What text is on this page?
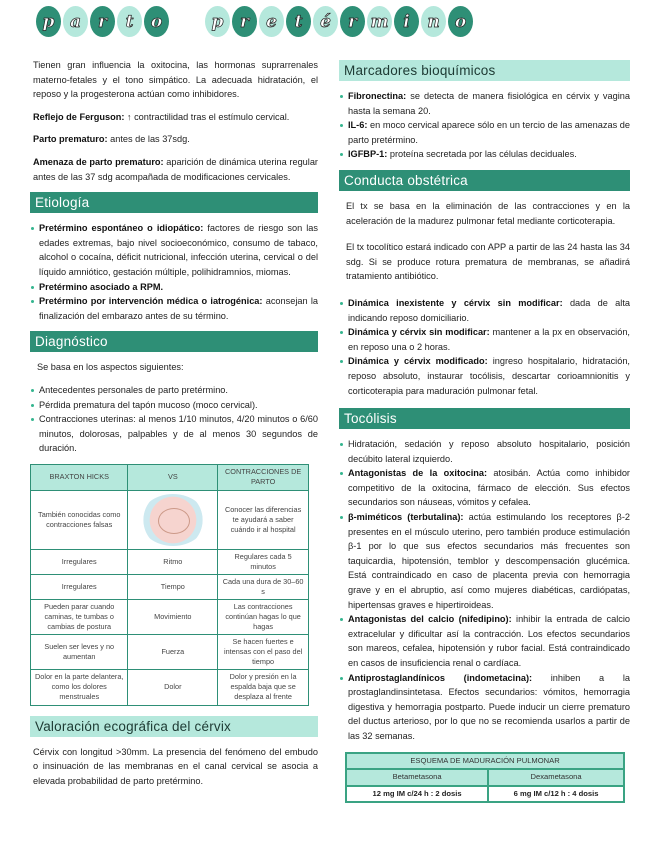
p a	r	t	o	p r	e	t	é	r m i	n o

Tienen gran influencia la oxitocina, las hormonas suprarrenales materno-fetales y el tono simpático. La adecuada hidratación, el reposo y la progesterona actúan como inhibidores.

Reflejo de Ferguson: ↑ contractilidad tras el estímulo cervical.

Parto prematuro: antes de las 37sdg.

Amenaza de parto prematuro: aparición de dinámica uterina regular antes de las 37 sdg acompañada de modificaciones cervicales.

Etiología
Pretérmino espontáneo o idiopático: factores de riesgo son las edades extremas, bajo nivel socioeconómico, consumo de tabaco, alcohol o cocaína, déficit nutricional, infección uterina, cervical o del líquido amniótico, gestación múltiple, polihidramnios, miomas.
Pretérmino asociado a RPM.
Pretérmino por intervención médica o iatrogénica: aconsejan la finalización del embarazo antes de su término.
Diagnóstico

Se basa en los aspectos siguientes:

Antecedentes personales de parto pretérmino.
Pérdida prematura del tapón mucoso (moco cervical).
Contracciones uterinas: al menos 1/10 minutos, 4/20 minutos o 6/60 minutos, dolorosas, palpables y de al menos 30 segundos de duración.
BRAXTON HICKS	VS	CONTRACCIONES DE PARTO
También conocidas como contracciones falsas		Conocer las diferencias te ayudará a saber cuándo ir al hospital
Irregulares	Ritmo	Regulares cada 5 minutos
Irregulares	Tiempo	Cada una dura de 30–60 s
Pueden parar cuando caminas, te tumbas o cambias de postura	Movimiento	Las contracciones continúan hagas lo que hagas
Suelen ser leves y no aumentan	Fuerza	Se hacen fuertes e intensas con el paso del tiempo
Dolor en la parte delantera, como los dolores menstruales	Dolor	Dolor y presión en la espalda baja que se desplaza al frente
Valoración ecográfica del cérvix

Cérvix con longitud >30mm. La presencia del fenómeno del embudo o insinuación de las membranas en el canal cervical se asocia a elevada probabilidad de parto pretérmino.

Marcadores bioquímicos
Fibronectina: se detecta de manera fisiológica en cérvix y vagina hasta la semana 20.
IL-6: en moco cervical aparece sólo en un tercio de las amenazas de parto pretérmino.
IGFBP-1: proteína secretada por las células deciduales.
Conducta obstétrica

El tx se basa en la eliminación de las contracciones y en la aceleración de la madurez pulmonar fetal mediante corticoterapia.

El tx tocolítico estará indicado con APP a partir de las 24 hasta las 34 sdg. Si se produce rotura prematura de membranas, se añadirá tratamiento antibiótico.

Dinámica inexistente y cérvix sin modificar: dada de alta indicando reposo domiciliario.
Dinámica y cérvix sin modificar: mantener a la px en observación, en reposo una o 2 horas.
Dinámica y cérvix modificado: ingreso hospitalario, hidratación, reposo absoluto, instaurar tocólisis, descartar corioamnionitis y corticoterapia para maduración pulmonar fetal.
Tocólisis
Hidratación, sedación y reposo absoluto hospitalario, posición decúbito lateral izquierdo.
Antagonistas de la oxitocina: atosibán. Actúa como inhibidor competitivo de la oxitocina, fármaco de elección. Sus efectos secundarios son náuseas, vómitos y cefalea.
β-miméticos (terbutalina): actúa estimulando los receptores β-2 presentes en el músculo uterino, pero también produce estimulación β-1 por lo que sus efectos secundarios más frecuentes son taquicardia, hipotensión, temblor y descompensación glucémica. Está contraindicado en caso de placenta previa con hemorragia grave y en el abruptio, así como mujeres diabéticas, cardiópatas, hipertensas graves e hipertiroideas.
Antagonistas del calcio (nifedipino): inhibir la entrada de calcio extracelular y dificultar así la contracción. Los efectos secundarios son mareos, cefalea, hipotensión y rubor facial. Está contraindicado en casos de insuficiencia renal o cardíaca.
Antiprostaglandínicos (indometacina): inhiben a la prostaglandinsintetasa. Efectos secundarios: vómitos, hemorragia digestiva y hemorragia postparto. Puede inducir un cierre prematuro del ductus arterioso, por lo que no se recomienda usarlos a partir de las 32 semanas.
ESQUEMA DE MADURACIÓN PULMONAR	
Betametasona	Dexametasona
12 mg IM c/24 h : 2 dosis	6 mg IM c/12 h : 4 dosis
